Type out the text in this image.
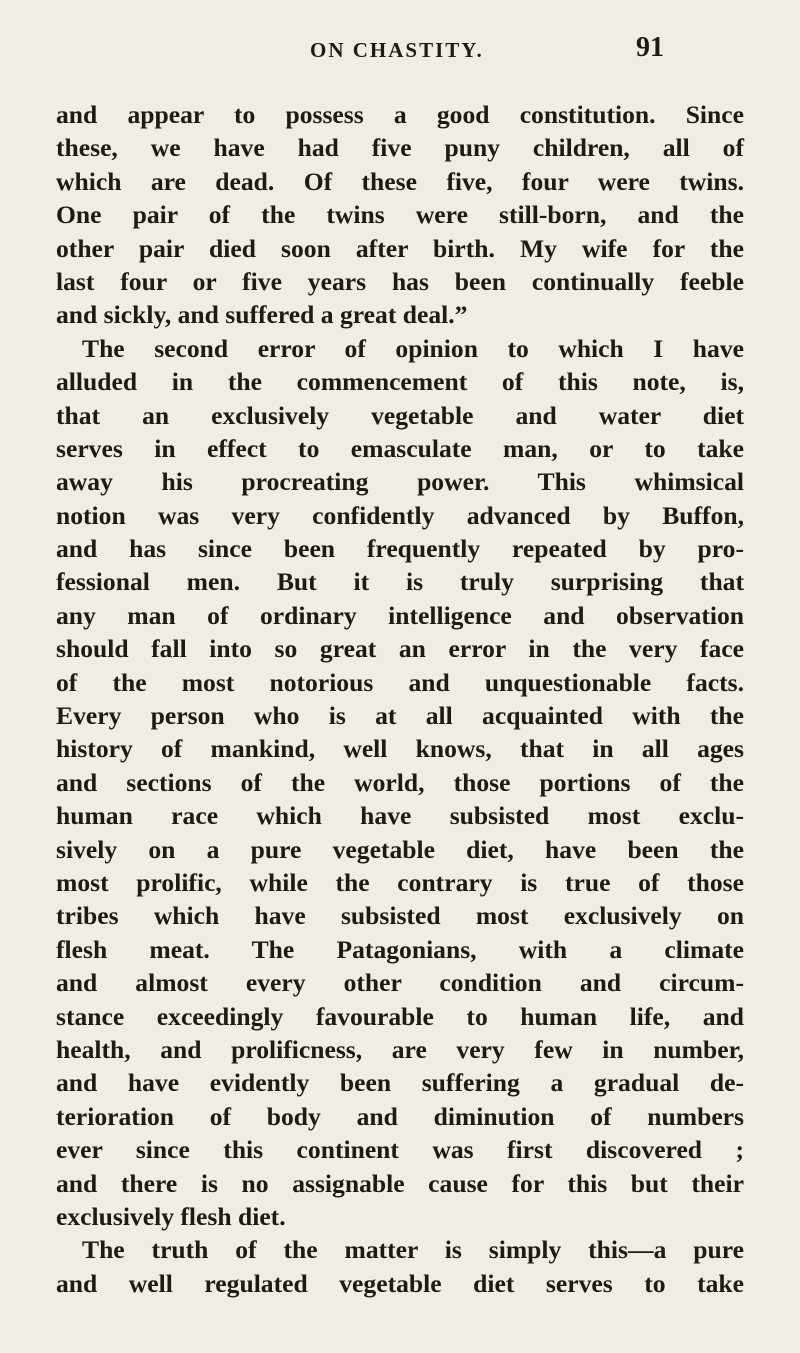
ON CHASTITY.	91
and appear to possess a good constitution. Since
these, we have had five puny children, all of
which are dead. Of these five, four were twins.
One pair of the twins were still-born, and the
other pair died soon after birth. My wife for the
last four or five years has been continually feeble
and sickly, and suffered a great deal.”
The second error of opinion to which I have
alluded in the commencement of this note, is,
that an exclusively vegetable and water diet
serves in effect to emasculate man, or to take
away his procreating power. This whimsical
notion was very confidently advanced by Buffon,
and has since been frequently repeated by pro-
fessional men. But it is truly surprising that
any man of ordinary intelligence and observation
should fall into so great an error in the very face
of the most notorious and unquestionable facts.
Every person who is at all acquainted with the
history of mankind, well knows, that in all ages
and sections of the world, those portions of the
human race which have subsisted most exclu-
sively on a pure vegetable diet, have been the
most prolific, while the contrary is true of those
tribes which have subsisted most exclusively on
flesh meat. The Patagonians, with a climate
and almost every other condition and circum-
stance exceedingly favourable to human life, and
health, and prolificness, are very few in number,
and have evidently been suffering a gradual de-
terioration of body and diminution of numbers
ever since this continent was first discovered ;
and there is no assignable cause for this but their
exclusively flesh diet.
The truth of the matter is simply this—a pure
and well regulated vegetable diet serves to take
